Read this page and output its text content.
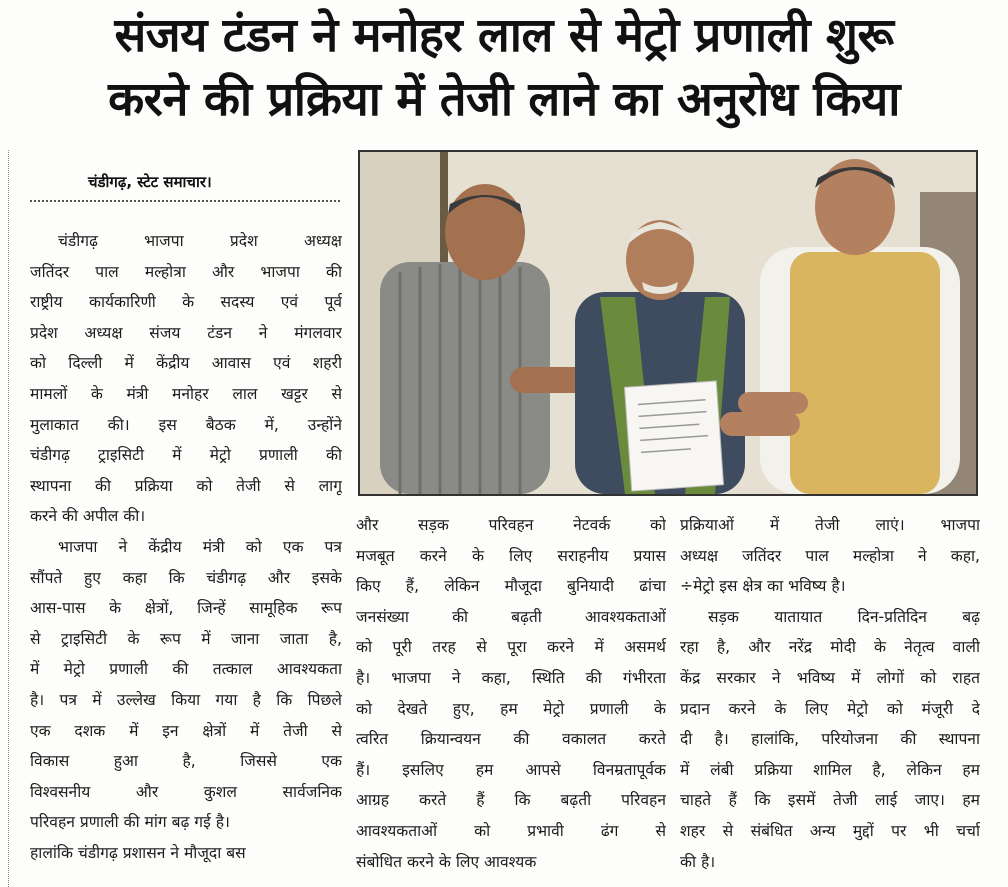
संजय टंडन ने मनोहर लाल से मेट्रो प्रणाली शुरू
करने की प्रक्रिया में तेजी लाने का अनुरोध किया
चंडीगढ़, स्टेट समाचार।
चंडीगढ़ भाजपा प्रदेश अध्यक्ष
जतिंदर पाल मल्होत्रा और भाजपा की
राष्ट्रीय कार्यकारिणी के सदस्य एवं पूर्व
प्रदेश अध्यक्ष संजय टंडन ने मंगलवार
को दिल्ली में केंद्रीय आवास एवं शहरी
मामलों के मंत्री मनोहर लाल खट्टर से
मुलाकात की। इस बैठक में, उन्होंने
चंडीगढ़ ट्राइसिटी में मेट्रो प्रणाली की
स्थापना की प्रक्रिया को तेजी से लागू
करने की अपील की।
भाजपा ने केंद्रीय मंत्री को एक पत्र
सौंपते हुए कहा कि चंडीगढ़ और इसके
आस-पास के क्षेत्रों, जिन्हें सामूहिक रूप
से ट्राइसिटी के रूप में जाना जाता है,
में मेट्रो प्रणाली की तत्काल आवश्यकता
है। पत्र में उल्लेख किया गया है कि पिछले
एक दशक में इन क्षेत्रों में तेजी से
विकास हुआ है, जिससे एक
विश्वसनीय और कुशल सार्वजनिक
परिवहन प्रणाली की मांग बढ़ गई है।
हालांकि चंडीगढ़ प्रशासन ने मौजूदा बस
और सड़क परिवहन नेटवर्क को
मजबूत करने के लिए सराहनीय प्रयास
किए हैं, लेकिन मौजूदा बुनियादी ढांचा
जनसंख्या की बढ़ती आवश्यकताओं
को पूरी तरह से पूरा करने में असमर्थ
है। भाजपा ने कहा, स्थिति की गंभीरता
को देखते हुए, हम मेट्रो प्रणाली के
त्वरित क्रियान्वयन की वकालत करते
हैं। इसलिए हम आपसे विनम्रतापूर्वक
आग्रह करते हैं कि बढ़ती परिवहन
आवश्यकताओं को प्रभावी ढंग से
संबोधित करने के लिए आवश्यक
प्रक्रियाओं में तेजी लाएं। भाजपा
अध्यक्ष जतिंदर पाल मल्होत्रा ने कहा,
÷मेट्रो इस क्षेत्र का भविष्य है।
सड़क यातायात दिन-प्रतिदिन बढ़
रहा है, और नरेंद्र मोदी के नेतृत्व वाली
केंद्र सरकार ने भविष्य में लोगों को राहत
प्रदान करने के लिए मेट्रो को मंजूरी दे
दी है। हालांकि, परियोजना की स्थापना
में लंबी प्रक्रिया शामिल है, लेकिन हम
चाहते हैं कि इसमें तेजी लाई जाए। हम
शहर से संबंधित अन्य मुद्दों पर भी चर्चा
की है।
